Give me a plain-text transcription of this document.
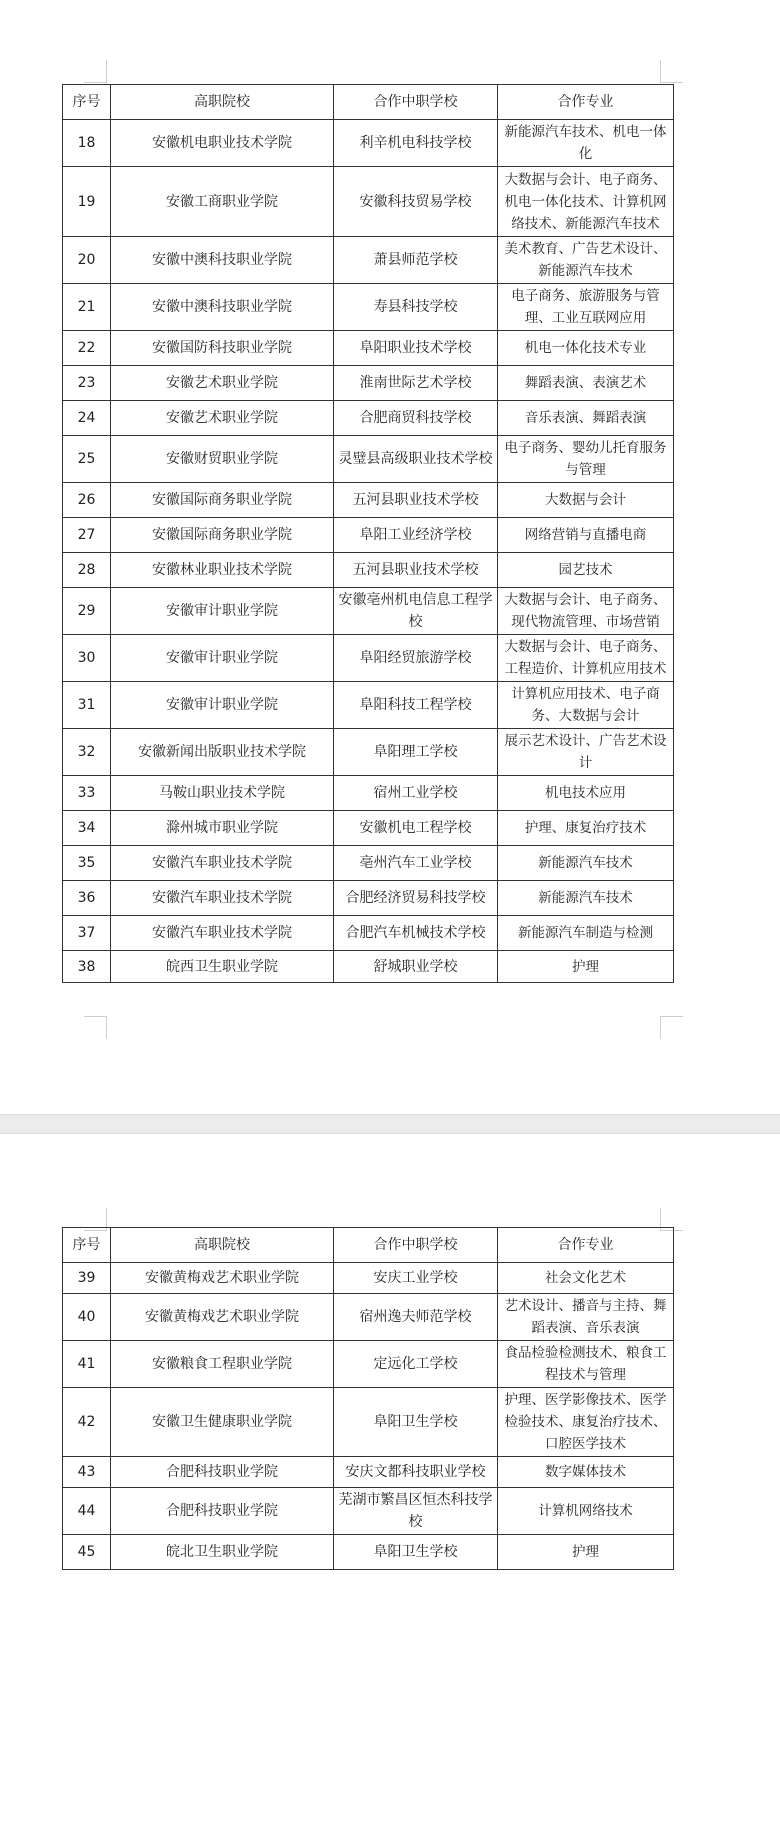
序号	高职院校	合作中职学校	合作专业
18	安徽机电职业技术学院	利辛机电科技学校	新能源汽车技术、机电一体化
19	安徽工商职业学院	安徽科技贸易学校	大数据与会计、电子商务、机电一体化技术、计算机网络技术、新能源汽车技术
20	安徽中澳科技职业学院	萧县师范学校	美术教育、广告艺术设计、新能源汽车技术
21	安徽中澳科技职业学院	寿县科技学校	电子商务、旅游服务与管理、工业互联网应用
22	安徽国防科技职业学院	阜阳职业技术学校	机电一体化技术专业
23	安徽艺术职业学院	淮南世际艺术学校	舞蹈表演、表演艺术
24	安徽艺术职业学院	合肥商贸科技学校	音乐表演、舞蹈表演
25	安徽财贸职业学院	灵璧县高级职业技术学校	电子商务、婴幼儿托育服务与管理
26	安徽国际商务职业学院	五河县职业技术学校	大数据与会计
27	安徽国际商务职业学院	阜阳工业经济学校	网络营销与直播电商
28	安徽林业职业技术学院	五河县职业技术学校	园艺技术
29	安徽审计职业学院	安徽亳州机电信息工程学校	大数据与会计、电子商务、现代物流管理、市场营销
30	安徽审计职业学院	阜阳经贸旅游学校	大数据与会计、电子商务、工程造价、计算机应用技术
31	安徽审计职业学院	阜阳科技工程学校	计算机应用技术、电子商务、大数据与会计
32	安徽新闻出版职业技术学院	阜阳理工学校	展示艺术设计、广告艺术设计
33	马鞍山职业技术学院	宿州工业学校	机电技术应用
34	滁州城市职业学院	安徽机电工程学校	护理、康复治疗技术
35	安徽汽车职业技术学院	亳州汽车工业学校	新能源汽车技术
36	安徽汽车职业技术学院	合肥经济贸易科技学校	新能源汽车技术
37	安徽汽车职业技术学院	合肥汽车机械技术学校	新能源汽车制造与检测
38	皖西卫生职业学院	舒城职业学校	护理
序号	高职院校	合作中职学校	合作专业
39	安徽黄梅戏艺术职业学院	安庆工业学校	社会文化艺术
40	安徽黄梅戏艺术职业学院	宿州逸夫师范学校	艺术设计、播音与主持、舞蹈表演、音乐表演
41	安徽粮食工程职业学院	定远化工学校	食品检验检测技术、粮食工程技术与管理
42	安徽卫生健康职业学院	阜阳卫生学校	护理、医学影像技术、医学检验技术、康复治疗技术、口腔医学技术
43	合肥科技职业学院	安庆文都科技职业学校	数字媒体技术
44	合肥科技职业学院	芜湖市繁昌区恒杰科技学校	计算机网络技术
45	皖北卫生职业学院	阜阳卫生学校	护理
